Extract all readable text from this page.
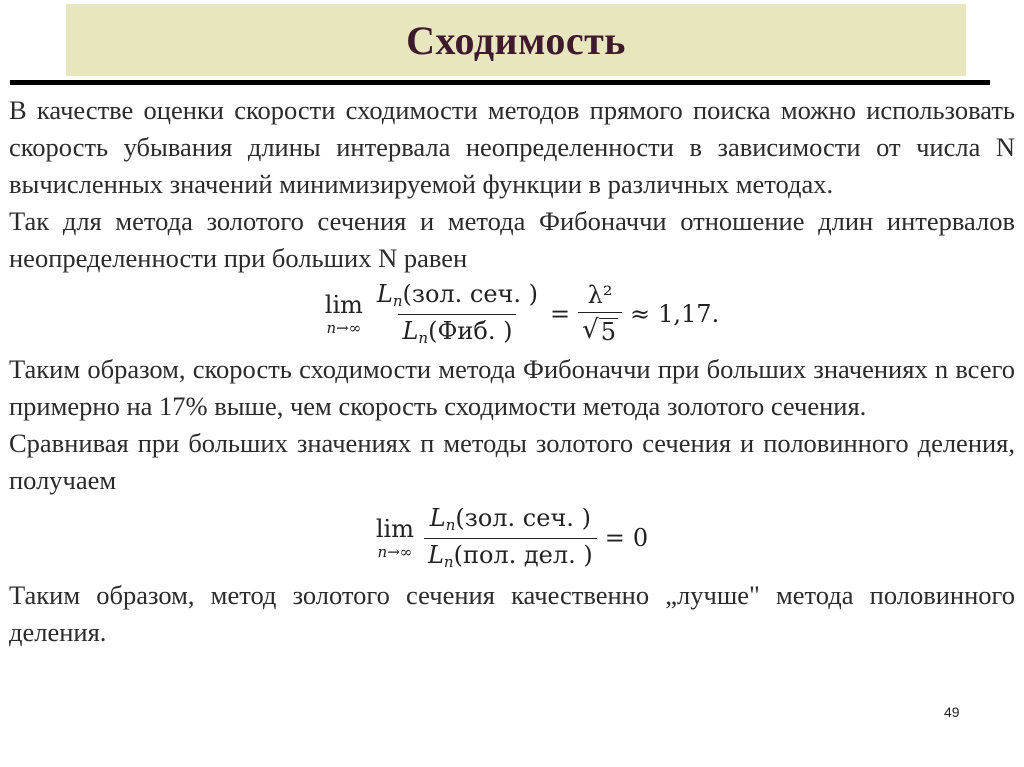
Сходимость

В качестве оценки скорости сходимости методов прямого поиска можно использовать скорость убывания длины интервала неопределенности в зависимости от числа N вычисленных значений минимизируемой функции в различных методах.

Так для метода золотого сечения и метода Фибоначчи отношение длин интервалов неопределенности при больших N равен

lim
$n\to\infty \frac{L_n(зол. сеч. )}{L_n(Фиб. )} = \frac{\text{λ²}}{√ 5} \approx 1,17$.

Таким образом, скорость сходимости метода Фибоначчи при больших значениях n всего примерно на 17% выше, чем скорость сходимости метода золотого сечения.

Сравнивая при больших значениях п методы золотого сечения и половинного деления, получаем

lim
$n\to\infty \frac{L_n(зол. сеч. )}{L_n(пол. дел. )} = 0$

Таким образом, метод золотого сечения качественно „лучше" метода половинного деления.

49
